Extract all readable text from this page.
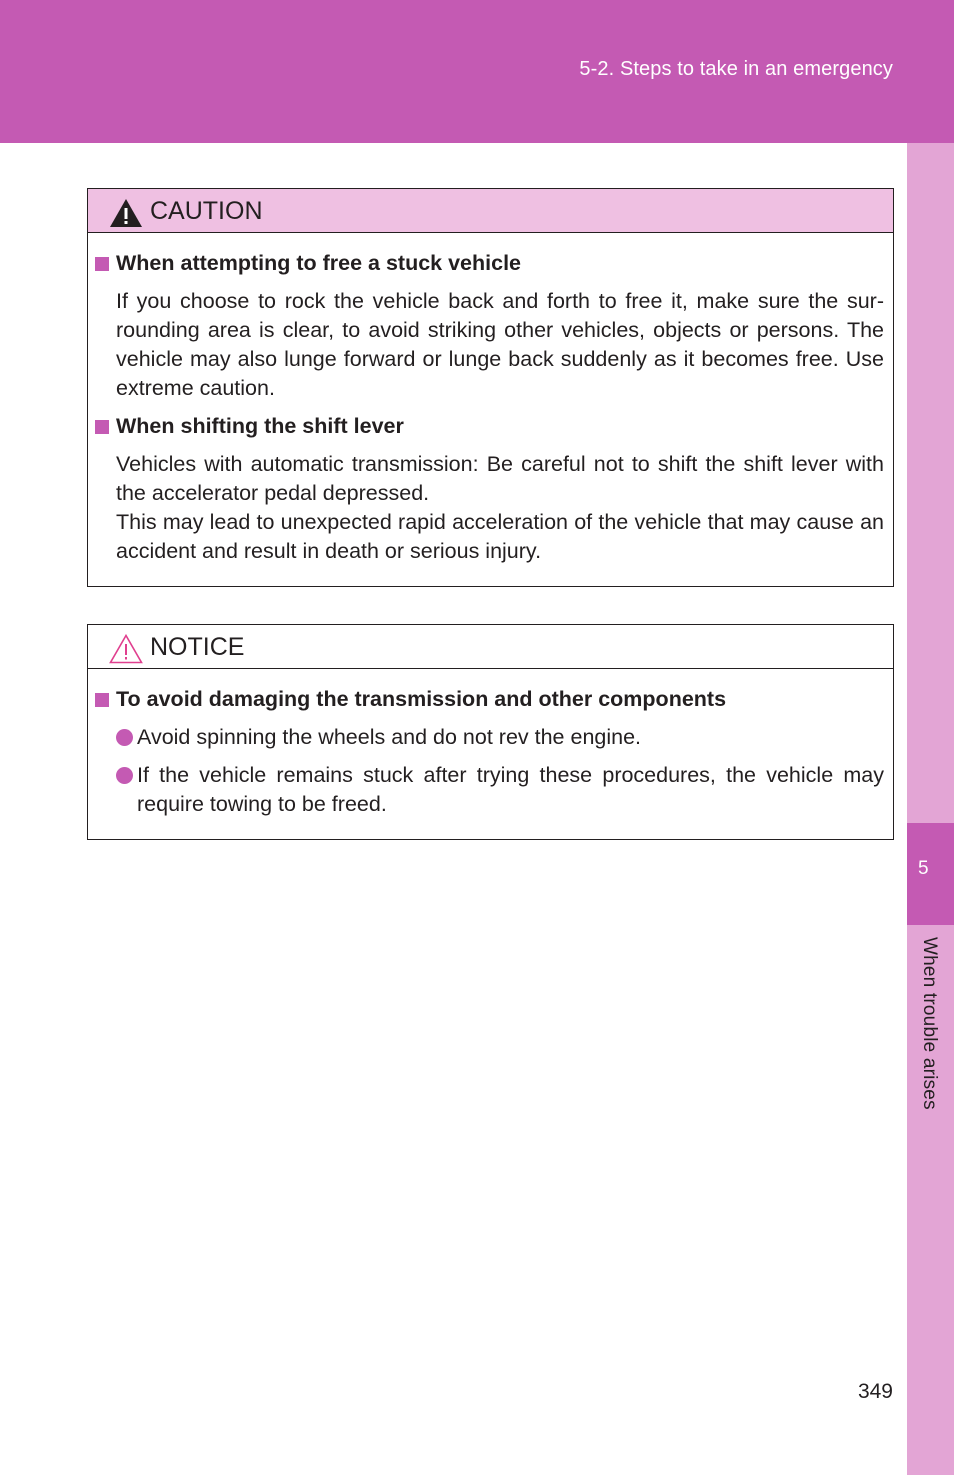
5-2. Steps to take in an emergency
5
When trouble arises
CAUTION
When attempting to free a stuck vehicle
If you choose to rock the vehicle back and forth to free it, make sure the sur-rounding area is clear, to avoid striking other vehicles, objects or persons. The vehicle may also lunge forward or lunge back suddenly as it becomes free. Use extreme caution.
When shifting the shift lever
Vehicles with automatic transmission: Be careful not to shift the shift lever with the accelerator pedal depressed.
This may lead to unexpected rapid acceleration of the vehicle that may cause an accident and result in death or serious injury.
NOTICE
To avoid damaging the transmission and other components
Avoid spinning the wheels and do not rev the engine.
If the vehicle remains stuck after trying these procedures, the vehicle may require towing to be freed.
349
